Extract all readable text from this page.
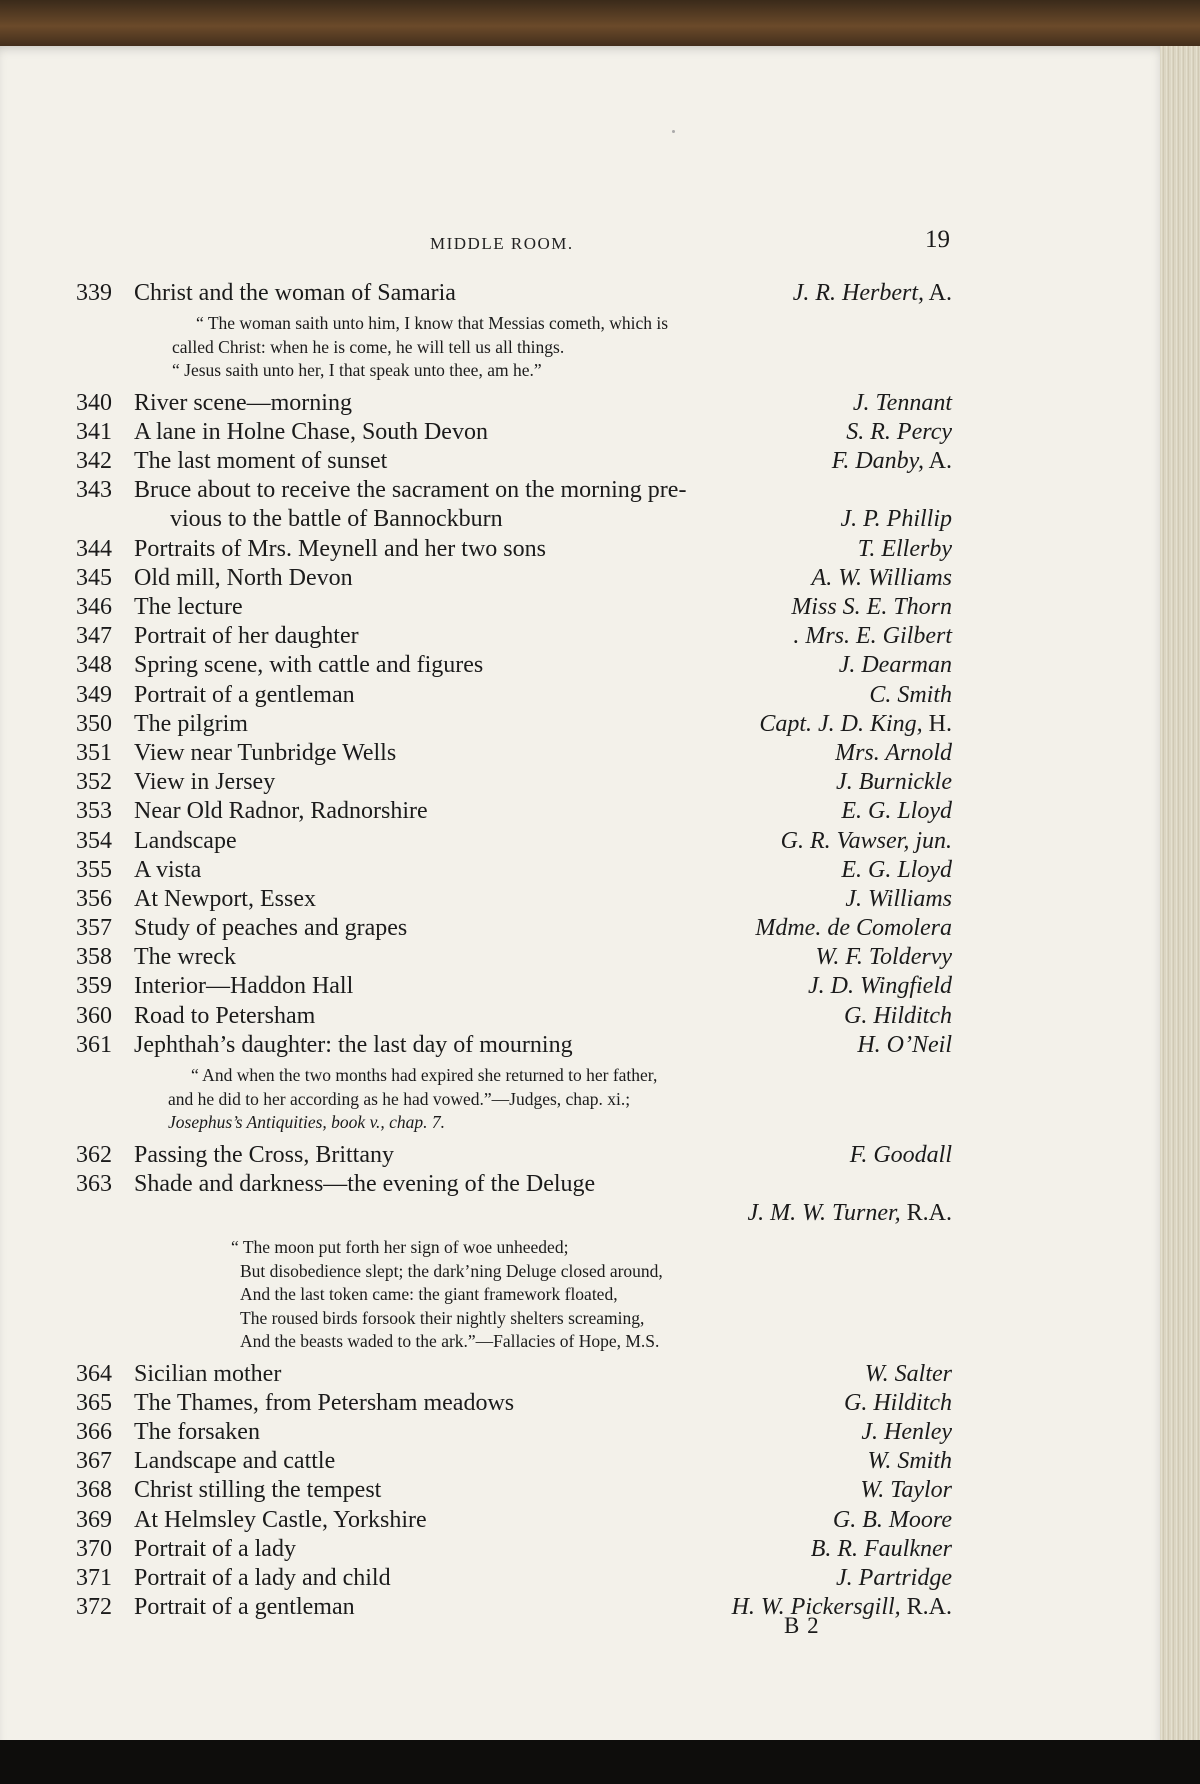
MIDDLE ROOM.	19
339 Christ and the woman of Samaria	J. R. Herbert, A.
“ The woman saith unto him, I know that Messias cometh, which is
called Christ: when he is come, he will tell us all things.
“ Jesus saith unto her, I that speak unto thee, am he.”
340 River scene—morning	J. Tennant
341 A lane in Holne Chase, South Devon	S. R. Percy
342 The last moment of sunset	F. Danby, A.
343 Bruce about to receive the sacrament on the morning pre-
vious to the battle of Bannockburn	J. P. Phillip
344 Portraits of Mrs. Meynell and her two sons	T. Ellerby
345 Old mill, North Devon	A. W. Williams
346 The lecture	Miss S. E. Thorn
347 Portrait of her daughter	. Mrs. E. Gilbert
348 Spring scene, with cattle and figures	J. Dearman
349 Portrait of a gentleman	C. Smith
350 The pilgrim	Capt. J. D. King, H.
351 View near Tunbridge Wells	Mrs. Arnold
352 View in Jersey	J. Burnickle
353 Near Old Radnor, Radnorshire	E. G. Lloyd
354 Landscape	G. R. Vawser, jun.
355 A vista	E. G. Lloyd
356 At Newport, Essex	J. Williams
357 Study of peaches and grapes	Mdme. de Comolera
358 The wreck	W. F. Toldervy
359 Interior—Haddon Hall	J. D. Wingfield
360 Road to Petersham	G. Hilditch
361 Jephthah’s daughter: the last day of mourning	H. O’Neil
“ And when the two months had expired she returned to her father,
and he did to her according as he had vowed.”—Judges, chap. xi.;
Josephus’s Antiquities, book v., chap. 7.
362 Passing the Cross, Brittany	F. Goodall
363 Shade and darkness—the evening of the Deluge
J. M. W. Turner, R.A.
“ The moon put forth her sign of woe unheeded;
But disobedience slept; the dark’ning Deluge closed around,
And the last token came: the giant framework floated,
The roused birds forsook their nightly shelters screaming,
And the beasts waded to the ark.”—Fallacies of Hope, M.S.
364 Sicilian mother	W. Salter
365 The Thames, from Petersham meadows	G. Hilditch
366 The forsaken	J. Henley
367 Landscape and cattle	W. Smith
368 Christ stilling the tempest	W. Taylor
369 At Helmsley Castle, Yorkshire	G. B. Moore
370 Portrait of a lady	B. R. Faulkner
371 Portrait of a lady and child	J. Partridge
372 Portrait of a gentleman	H. W. Pickersgill, R.A.
B 2
